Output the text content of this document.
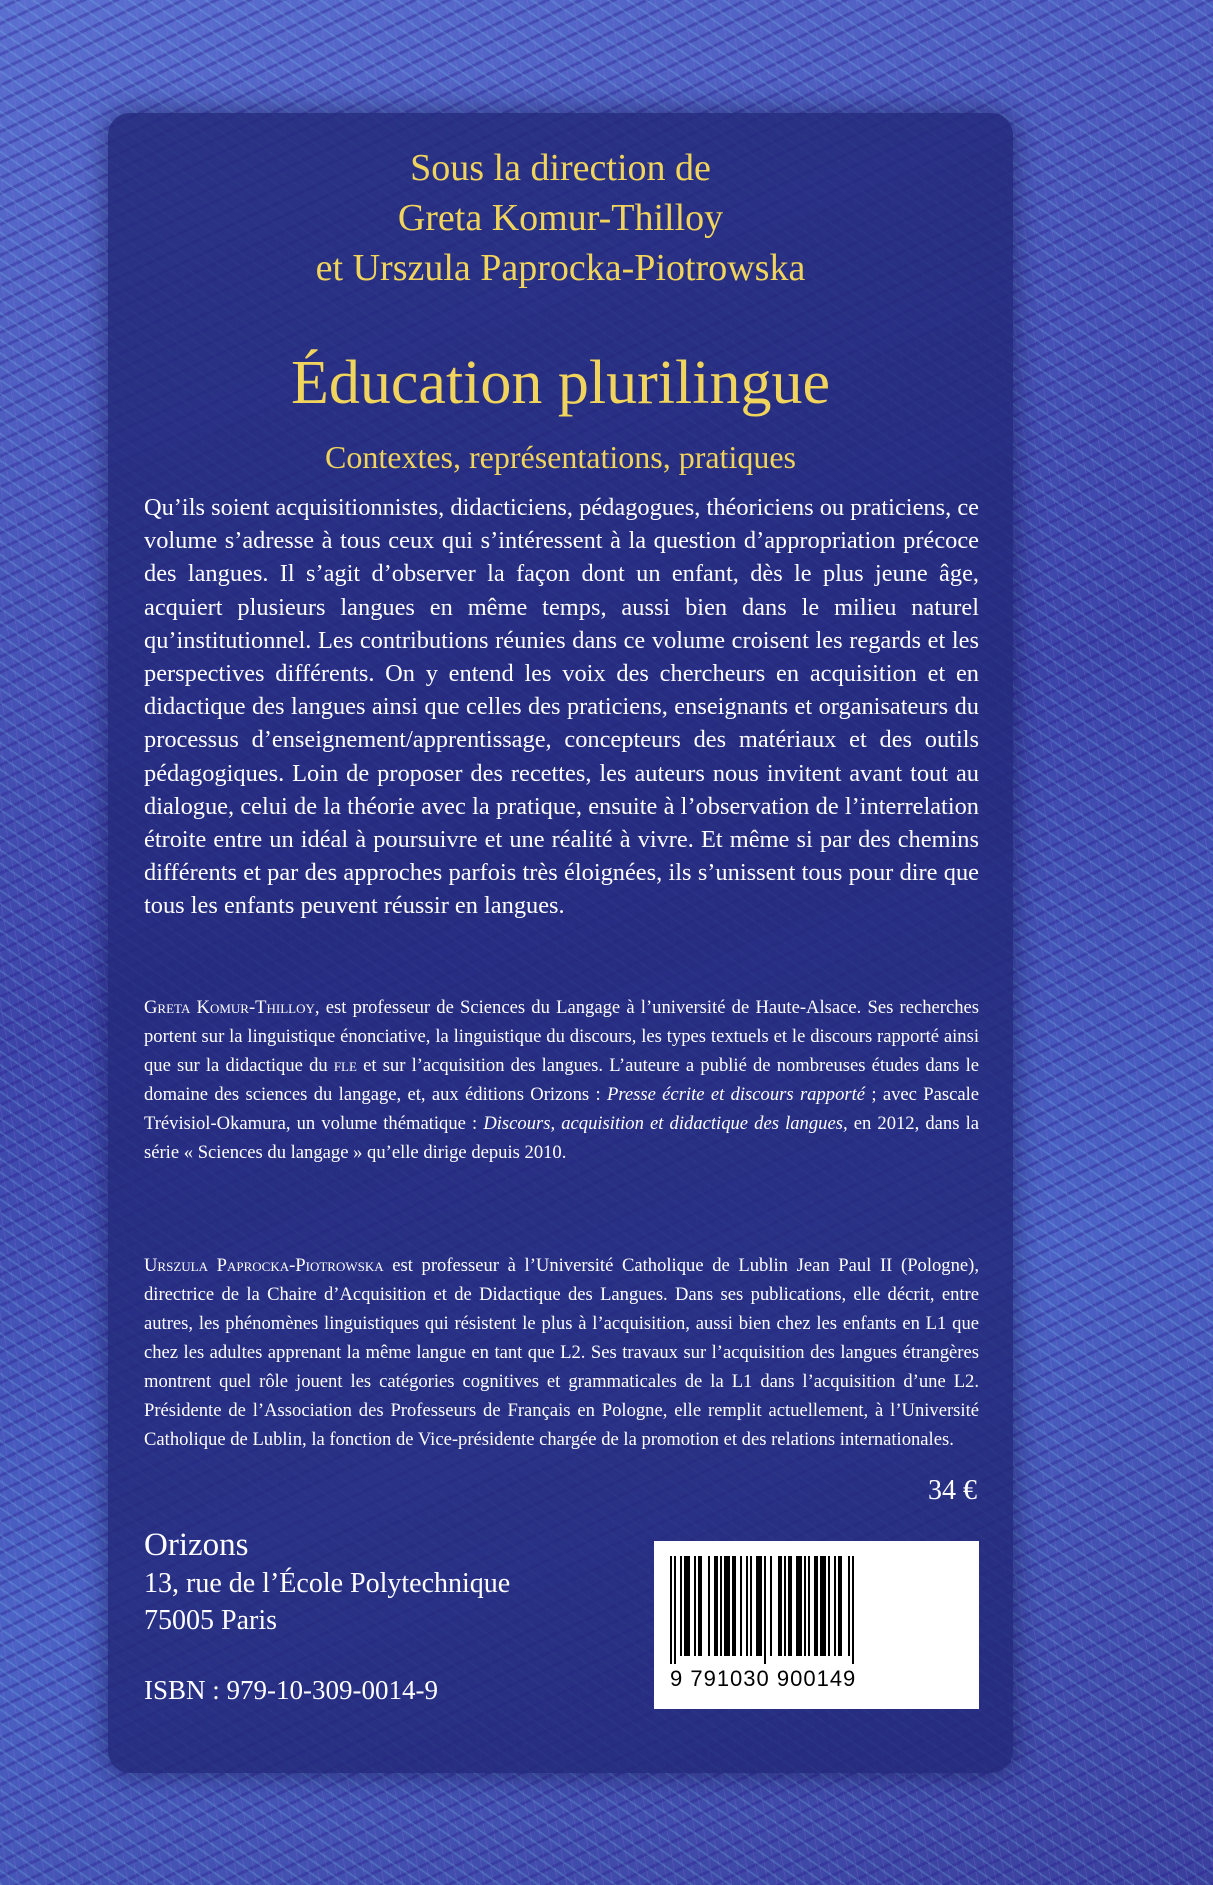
Sous la direction de
Greta Komur-Thilloy
et Urszula Paprocka-Piotrowska
Éducation plurilingue
Contextes, représentations, pratiques

Qu’ils soient acquisitionnistes, didacticiens, pédagogues, théoriciens ou praticiens, ce volume s’adresse à tous ceux qui s’intéressent à la question d’appropriation précoce des langues. Il s’agit d’observer la façon dont un enfant, dès le plus jeune âge, acquiert plusieurs langues en même temps, aussi bien dans le milieu naturel qu’institutionnel. Les contributions réunies dans ce volume croisent les regards et les perspectives différents. On y entend les voix des chercheurs en acquisition et en didactique des langues ainsi que celles des praticiens, enseignants et organisateurs du processus d’enseignement/apprentissage, concepteurs des matériaux et des outils pédagogiques. Loin de proposer des recettes, les auteurs nous invitent avant tout au dialogue, celui de la théorie avec la pratique, ensuite à l’observation de l’interrelation étroite entre un idéal à poursuivre et une réalité à vivre. Et même si par des chemins différents et par des approches parfois très éloignées, ils s’unissent tous pour dire que tous les enfants peuvent réussir en langues.

Greta Komur-Thilloy, est professeur de Sciences du Langage à l’université de Haute-Alsace. Ses recherches portent sur la linguistique énonciative, la linguistique du discours, les types textuels et le discours rapporté ainsi que sur la didactique du fle et sur l’acquisition des langues. L’auteure a publié de nombreuses études dans le domaine des sciences du langage, et, aux éditions Orizons : Presse écrite et discours rapporté ; avec Pascale Trévisiol-Okamura, un volume thématique : Discours, acquisition et didactique des langues, en 2012, dans la série « Sciences du langage » qu’elle dirige depuis 2010.

Urszula Paprocka-Piotrowska est professeur à l’Université Catholique de Lublin Jean Paul II (Pologne), directrice de la Chaire d’Acquisition et de Didactique des Langues. Dans ses publications, elle décrit, entre autres, les phénomènes linguistiques qui résistent le plus à l’acquisition, aussi bien chez les enfants en L1 que chez les adultes apprenant la même langue en tant que L2. Ses travaux sur l’acquisition des langues étrangères montrent quel rôle jouent les catégories cognitives et grammaticales de la L1 dans l’acquisition d’une L2. Présidente de l’Association des Professeurs de Français en Pologne, elle remplit actuellement, à l’Université Catholique de Lublin, la fonction de Vice-présidente chargée de la promotion et des relations internationales.

34 €
Orizons
13, rue de l’École Polytechnique
75005 Paris
ISBN : 979-10-309-0014-9	9 791030 900149
